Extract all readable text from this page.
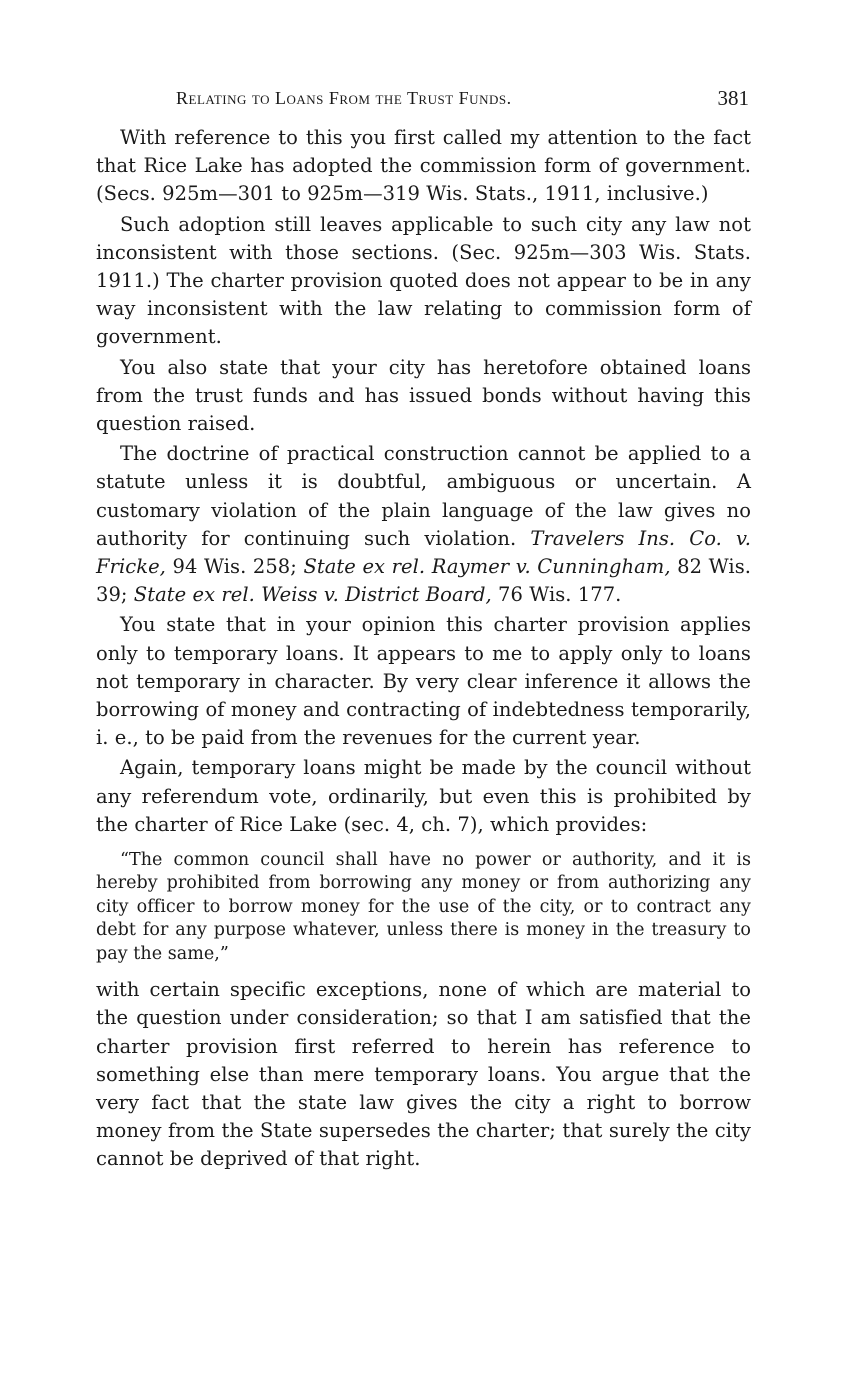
Relating to Loans From the Trust Funds.	381

With reference to this you first called my attention to the fact that Rice Lake has adopted the commission form of government. (Secs. 925m—301 to 925m—319 Wis. Stats., 1911, inclusive.)

Such adoption still leaves applicable to such city any law not inconsistent with those sections. (Sec. 925m—303 Wis. Stats. 1911.) The charter provision quoted does not appear to be in any way inconsistent with the law relating to commission form of government.

You also state that your city has heretofore obtained loans from the trust funds and has issued bonds without having this question raised.

The doctrine of practical construction cannot be applied to a statute unless it is doubtful, ambiguous or uncertain. A customary violation of the plain language of the law gives no authority for continuing such violation. Travelers Ins. Co. v. Fricke, 94 Wis. 258; State ex rel. Raymer v. Cunningham, 82 Wis. 39; State ex rel. Weiss v. District Board, 76 Wis. 177.

You state that in your opinion this charter provision applies only to temporary loans. It appears to me to apply only to loans not temporary in character. By very clear inference it allows the borrowing of money and contracting of indebtedness temporarily, i. e., to be paid from the revenues for the current year.

Again, temporary loans might be made by the council without any referendum vote, ordinarily, but even this is prohibited by the charter of Rice Lake (sec. 4, ch. 7), which provides:

“The common council shall have no power or authority, and it is hereby prohibited from borrowing any money or from authorizing any city officer to borrow money for the use of the city, or to contract any debt for any purpose whatever, unless there is money in the treasury to pay the same,”

with certain specific exceptions, none of which are material to the question under consideration; so that I am satisfied that the charter provision first referred to herein has reference to something else than mere temporary loans. You argue that the very fact that the state law gives the city a right to borrow money from the State supersedes the charter; that surely the city cannot be deprived of that right.
